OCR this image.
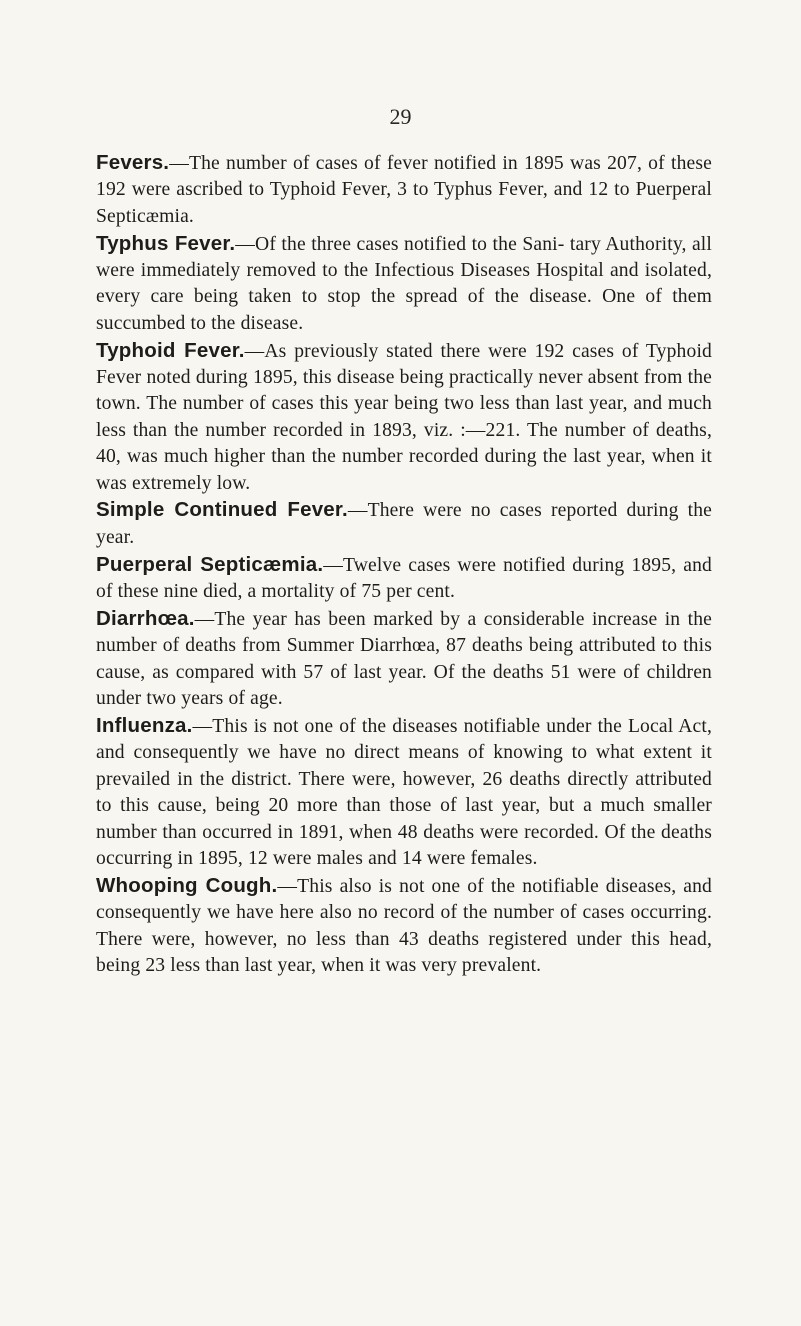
29

Fevers.—The number of cases of fever notified in 1895 was 207, of these 192 were ascribed to Typhoid Fever, 3 to Typhus Fever, and 12 to Puerperal Septicæmia.

Typhus Fever.—Of the three cases notified to the Sani- tary Authority, all were immediately removed to the Infectious Diseases Hospital and isolated, every care being taken to stop the spread of the disease. One of them succumbed to the disease.

Typhoid Fever.—As previously stated there were 192 cases of Typhoid Fever noted during 1895, this disease being practically never absent from the town. The number of cases this year being two less than last year, and much less than the number recorded in 1893, viz. :—221. The number of deaths, 40, was much higher than the number recorded during the last year, when it was extremely low.

Simple Continued Fever.—There were no cases reported during the year.

Puerperal Septicæmia.—Twelve cases were notified during 1895, and of these nine died, a mortality of 75 per cent.

Diarrhœa.—The year has been marked by a considerable increase in the number of deaths from Summer Diarrhœa, 87 deaths being attributed to this cause, as compared with 57 of last year. Of the deaths 51 were of children under two years of age.

Influenza.—This is not one of the diseases notifiable under the Local Act, and consequently we have no direct means of knowing to what extent it prevailed in the district. There were, however, 26 deaths directly attributed to this cause, being 20 more than those of last year, but a much smaller number than occurred in 1891, when 48 deaths were recorded. Of the deaths occurring in 1895, 12 were males and 14 were females.

Whooping Cough.—This also is not one of the notifiable diseases, and consequently we have here also no record of the number of cases occurring. There were, however, no less than 43 deaths registered under this head, being 23 less than last year, when it was very prevalent.
